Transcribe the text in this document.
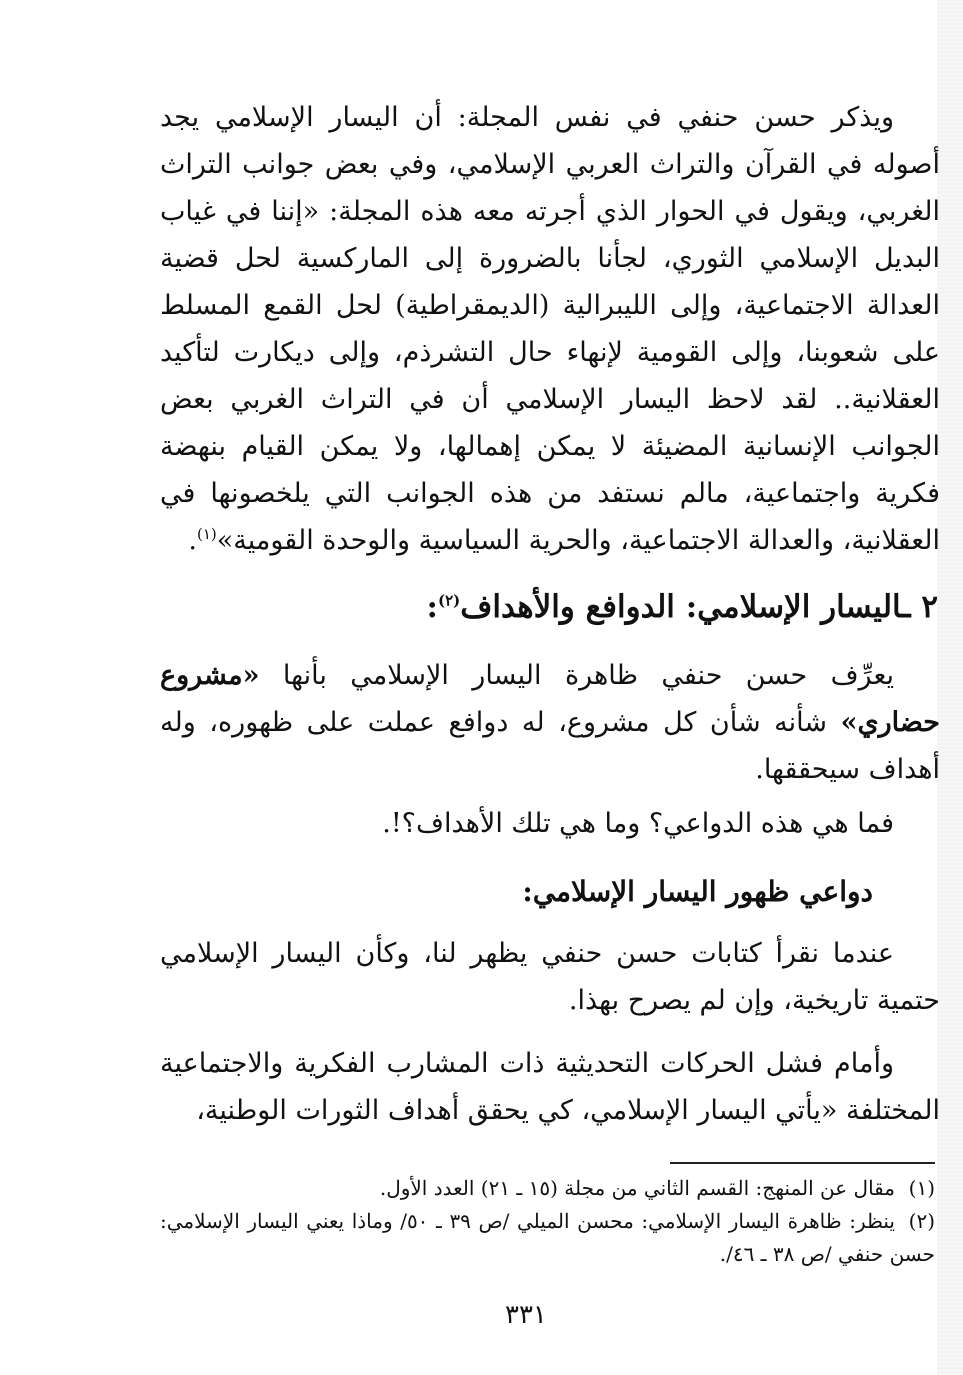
ويذكر حسن حنفي في نفس المجلة: أن اليسار الإسلامي يجد أصوله في القرآن والتراث العربي الإسلامي، وفي بعض جوانب التراث الغربي، ويقول في الحوار الذي أجرته معه هذه المجلة: «إننا في غياب البديل الإسلامي الثوري، لجأنا بالضرورة إلى الماركسية لحل قضية العدالة الاجتماعية، وإلى الليبرالية (الديمقراطية) لحل القمع المسلط على شعوبنا، وإلى القومية لإنهاء حال التشرذم، وإلى ديكارت لتأكيد العقلانية.. لقد لاحظ اليسار الإسلامي أن في التراث الغربي بعض الجوانب الإنسانية المضيئة لا يمكن إهمالها، ولا يمكن القيام بنهضة فكرية واجتماعية، مالم نستفد من هذه الجوانب التي يلخصونها في العقلانية، والعدالة الاجتماعية، والحرية السياسية والوحدة القومية»$^{(١)}$.

٢ ـاليسار الإسلامي: الدوافع والأهداف$^{(٢)}$:

يعرِّف حسن حنفي ظاهرة اليسار الإسلامي بأنها «مشروع حضاري» شأنه شأن كل مشروع، له دوافع عملت على ظهوره، وله أهداف سيحققها.

فما هي هذه الدواعي؟ وما هي تلك الأهداف؟!.

دواعي ظهور اليسار الإسلامي:

عندما نقرأ كتابات حسن حنفي يظهر لنا، وكأن اليسار الإسلامي حتمية تاريخية، وإن لم يصرح بهذا.

وأمام فشل الحركات التحديثية ذات المشارب الفكرية والاجتماعية المختلفة «يأتي اليسار الإسلامي، كي يحقق أهداف الثورات الوطنية،

(١)مقال عن المنهج: القسم الثاني من مجلة (١٥ ـ ٢١) العدد الأول.

(٢)ينظر: ظاهرة اليسار الإسلامي: محسن الميلي /ص ٣٩ ـ ٥٠/ وماذا يعني اليسار الإسلامي: حسن حنفي /ص ٣٨ ـ ٤٦/.

٣٣١
